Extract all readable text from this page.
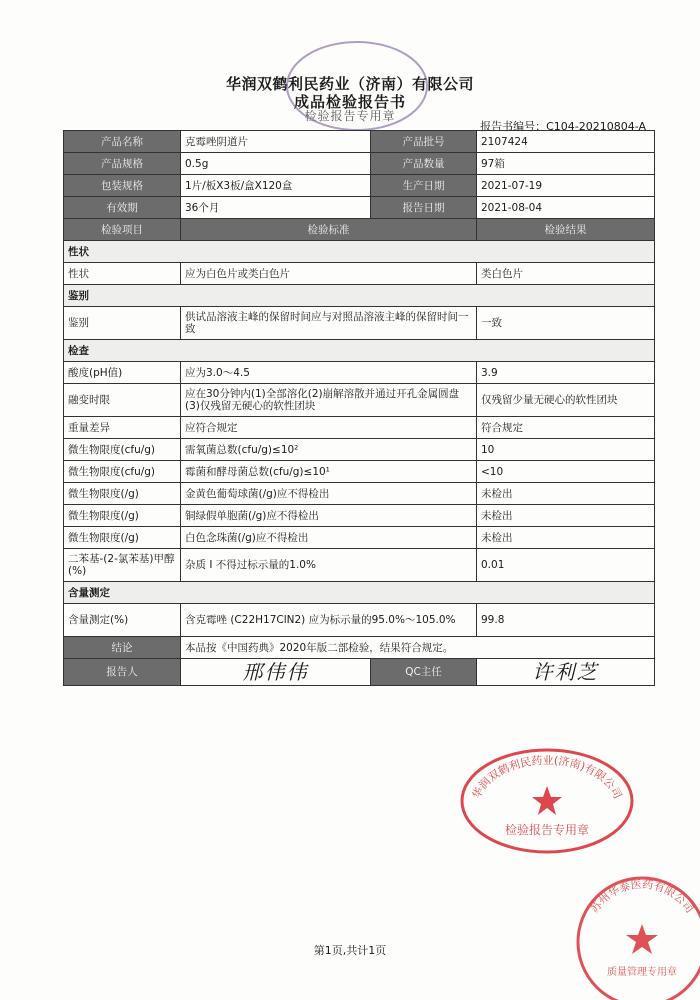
华润双鹤利民药业（济南）有限公司
成品检验报告书
检验报告专用章
报告书编号：C104-20210804-A
产品名称	克霉唑阴道片	产品批号	2107424
产品规格	0.5g	产品数量	97箱
包装规格	1片/板X3板/盒X120盒	生产日期	2021-07-19
有效期	36个月	报告日期	2021-08-04
检验项目	检验标准		检验结果
性状			
性状	应为白色片或类白色片		类白色片
鉴别			
鉴别	供试品溶液主峰的保留时间应与对照品溶液主峰的保留时间一致		一致
检查			
酸度(pH值)	应为3.0～4.5		3.9
融变时限	应在30分钟内(1)全部溶化(2)崩解溶散并通过开孔金属圆盘(3)仅残留无硬心的软性团块		仅残留少量无硬心的软性团块
重量差异	应符合规定		符合规定
微生物限度(cfu/g)	需氧菌总数(cfu/g)≤10²		10
微生物限度(cfu/g)	霉菌和酵母菌总数(cfu/g)≤10¹		<10
微生物限度(/g)	金黄色葡萄球菌(/g)应不得检出		未检出
微生物限度(/g)	铜绿假单胞菌(/g)应不得检出		未检出
微生物限度(/g)	白色念珠菌(/g)应不得检出		未检出
二苯基-(2-氯苯基)甲醇(%)	杂质 I 不得过标示量的1.0%		0.01
含量测定			
含量测定(%)	含克霉唑 (C22H17ClN2) 应为标示量的95.0%～105.0%		99.8
结论	本品按《中国药典》2020年版二部检验，结果符合规定。		
报告人	邢伟伟	QC主任	许利芝
华润双鹤利民药业(济南)有限公司
检验报告专用章
苏州华泰医药有限公司
质量管理专用章
第1页,共计1页
